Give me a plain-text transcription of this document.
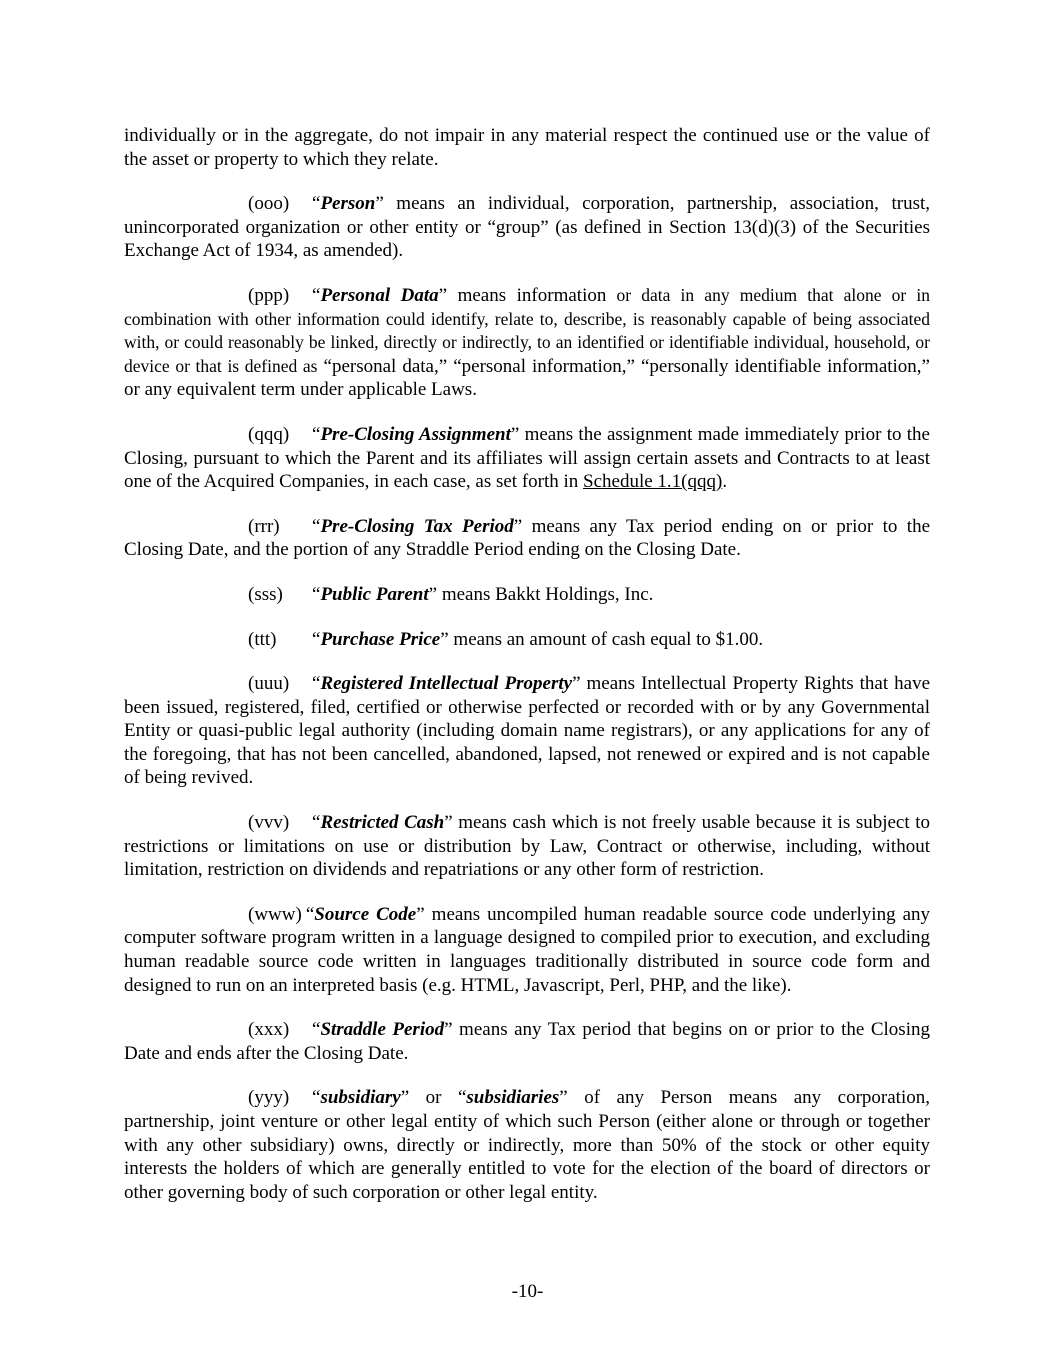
individually or in the aggregate, do not impair in any material respect the continued use or the value of the asset or property to which they relate.

(ooo) “Person” means an individual, corporation, partnership, association, trust, unincorporated organization or other entity or “group” (as defined in Section 13(d)(3) of the Securities Exchange Act of 1934, as amended).

(ppp) “Personal Data” means information or data in any medium that alone or in combination with other information could identify, relate to, describe, is reasonably capable of being associated with, or could reasonably be linked, directly or indirectly, to an identified or identifiable individual, household, or device or that is defined as “personal data,” “personal information,” “personally identifiable information,” or any equivalent term under applicable Laws.

(qqq) “Pre-Closing Assignment” means the assignment made immediately prior to the Closing, pursuant to which the Parent and its affiliates will assign certain assets and Contracts to at least one of the Acquired Companies, in each case, as set forth in Schedule 1.1(qqq).

(rrr) “Pre-Closing Tax Period” means any Tax period ending on or prior to the Closing Date, and the portion of any Straddle Period ending on the Closing Date.

(sss) “Public Parent” means Bakkt Holdings, Inc.

(ttt) “Purchase Price” means an amount of cash equal to $1.00.

(uuu) “Registered Intellectual Property” means Intellectual Property Rights that have been issued, registered, filed, certified or otherwise perfected or recorded with or by any Governmental Entity or quasi-public legal authority (including domain name registrars), or any applications for any of the foregoing, that has not been cancelled, abandoned, lapsed, not renewed or expired and is not capable of being revived.

(vvv) “Restricted Cash” means cash which is not freely usable because it is subject to restrictions or limitations on use or distribution by Law, Contract or otherwise, including, without limitation, restriction on dividends and repatriations or any other form of restriction.

(www) “Source Code” means uncompiled human readable source code underlying any computer software program written in a language designed to compiled prior to execution, and excluding human readable source code written in languages traditionally distributed in source code form and designed to run on an interpreted basis (e.g. HTML, Javascript, Perl, PHP, and the like).

(xxx) “Straddle Period” means any Tax period that begins on or prior to the Closing Date and ends after the Closing Date.

(yyy) “subsidiary” or “subsidiaries” of any Person means any corporation, partnership, joint venture or other legal entity of which such Person (either alone or through or together with any other subsidiary) owns, directly or indirectly, more than 50% of the stock or other equity interests the holders of which are generally entitled to vote for the election of the board of directors or other governing body of such corporation or other legal entity.

-10-
